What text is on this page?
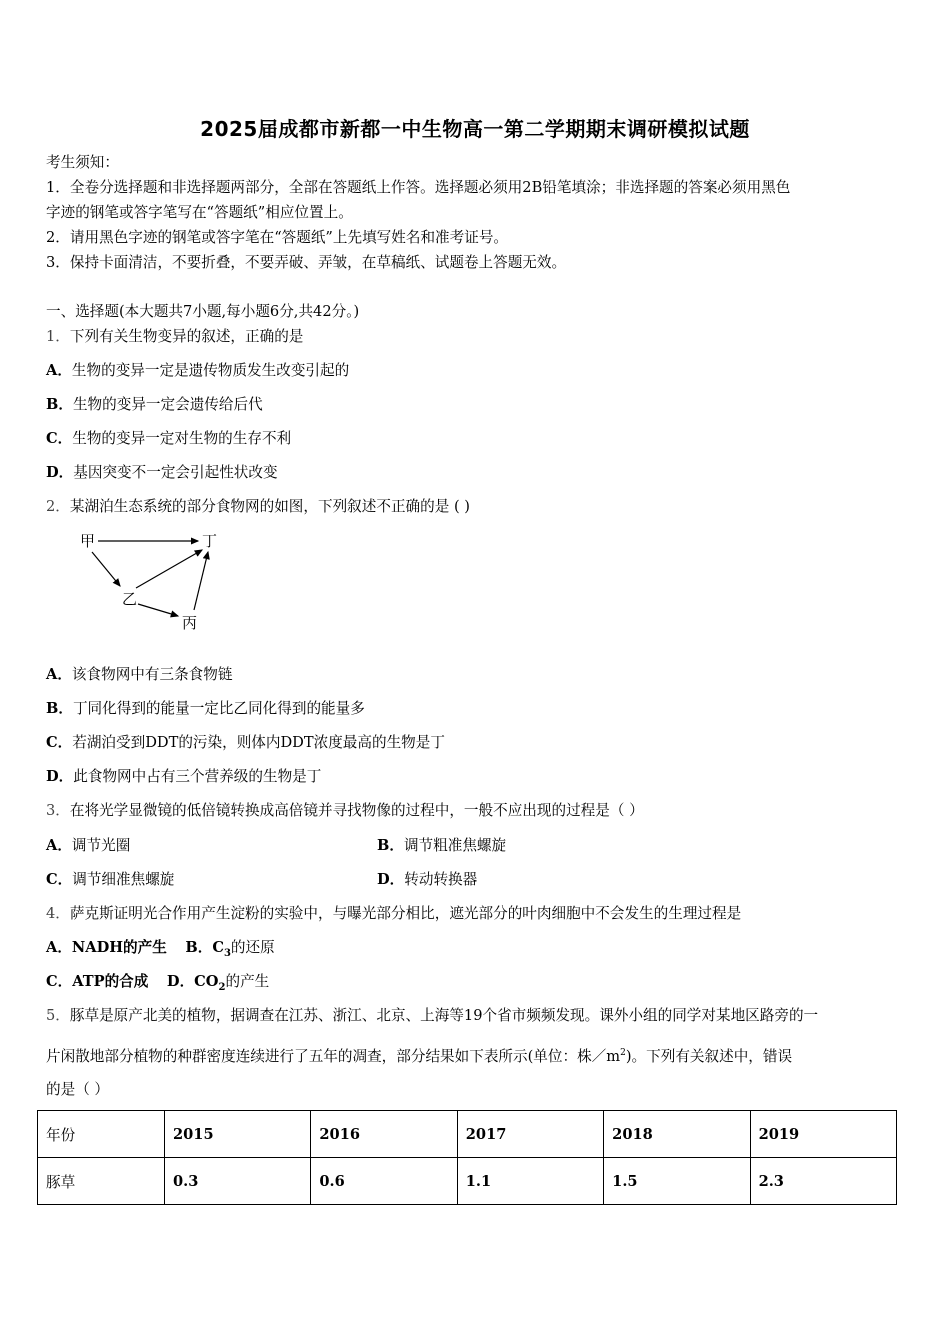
2025届成都市新都一中生物高一第二学期期末调研模拟试题
考生须知：
1．全卷分选择题和非选择题两部分，全部在答题纸上作答。选择题必须用2B铅笔填涂；非选择题的答案必须用黑色
字迹的钢笔或答字笔写在“答题纸”相应位置上。
2．请用黑色字迹的钢笔或答字笔在“答题纸”上先填写姓名和准考证号。
3．保持卡面清洁，不要折叠，不要弄破、弄皱，在草稿纸、试题卷上答题无效。
一、选择题(本大题共7小题,每小题6分,共42分。)
1．下列有关生物变异的叙述，正确的是
A．生物的变异一定是遗传物质发生改变引起的
B．生物的变异一定会遗传给后代
C．生物的变异一定对生物的生存不利
D．基因突变不一定会引起性状改变
2．某湖泊生态系统的部分食物网的如图，下列叙述不正确的是 ( )
甲	丁
乙
丙
A．该食物网中有三条食物链
B．丁同化得到的能量一定比乙同化得到的能量多
C．若湖泊受到DDT的污染，则体内DDT浓度最高的生物是丁
D．此食物网中占有三个营养级的生物是丁
3．在将光学显微镜的低倍镜转换成高倍镜并寻找物像的过程中，一般不应出现的过程是（ ）
A．调节光圈	B．调节粗准焦螺旋
C．调节细准焦螺旋	D．转动转换器
4．萨克斯证明光合作用产生淀粉的实验中，与曝光部分相比，遮光部分的叶肉细胞中不会发生的生理过程是
A．NADH的产生 B．$C_3$的还原
C．ATP的合成 D．$CO_2$的产生
5．豚草是原产北美的植物，据调查在江苏、浙江、北京、上海等19个省市频频发现。课外小组的同学对某地区路旁的一
片闲散地部分植物的种群密度连续进行了五年的凋查，部分结果如下表所示(单位：株$/m^2$)。下列有关叙述中，错误
的是（ ）
年份	2015	2016	2017	2018	2019
豚草	0.3	0.6	1.1	1.5	2.3
